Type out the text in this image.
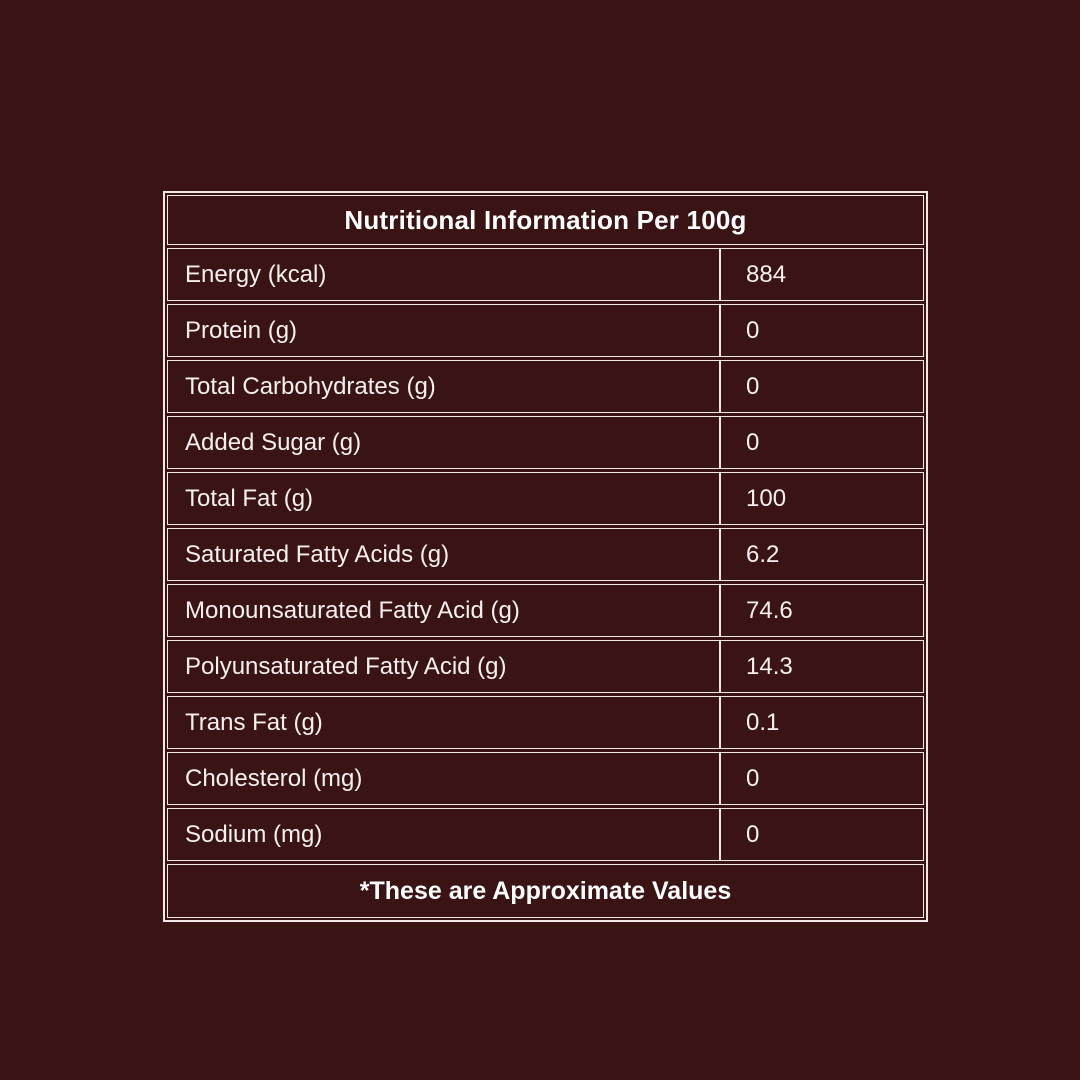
Nutritional Information Per 100g
Energy (kcal)	884
Protein (g)	0
Total Carbohydrates (g)	0
Added Sugar (g)	0
Total Fat (g)	100
Saturated Fatty Acids (g)	6.2
Monounsaturated Fatty Acid (g)	74.6
Polyunsaturated Fatty Acid (g)	14.3
Trans Fat (g)	0.1
Cholesterol (mg)	0
Sodium (mg)	0
*These are Approximate Values
